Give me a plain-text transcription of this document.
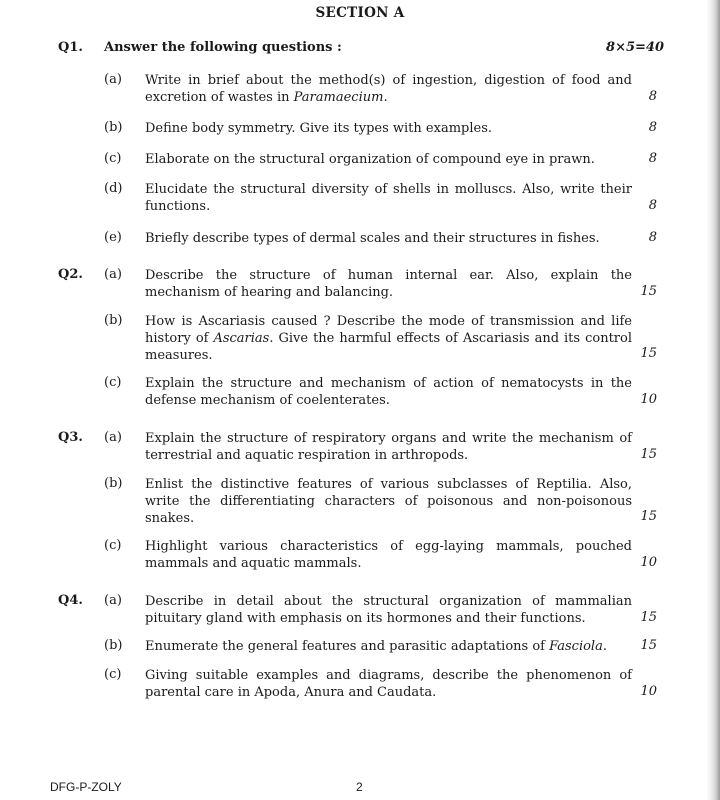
SECTION A
Q1. Answer the following questions :	8×5=40
(a) Write in brief about the method(s) of ingestion, digestion of food and excretion of wastes in Paramaecium.	8
(b) Define body symmetry. Give its types with examples.	8
(c) Elaborate on the structural organization of compound eye in prawn.	8
(d) Elucidate the structural diversity of shells in molluscs. Also, write their functions.	8
(e) Briefly describe types of dermal scales and their structures in fishes.	8
Q2. (a) Describe the structure of human internal ear. Also, explain the mechanism of hearing and balancing.	15
(b) How is Ascariasis caused ? Describe the mode of transmission and life history of Ascarias. Give the harmful effects of Ascariasis and its control measures.	15
(c) Explain the structure and mechanism of action of nematocysts in the defense mechanism of coelenterates.	10
Q3. (a) Explain the structure of respiratory organs and write the mechanism of terrestrial and aquatic respiration in arthropods.	15
(b) Enlist the distinctive features of various subclasses of Reptilia. Also, write the differentiating characters of poisonous and non-poisonous snakes.	15
(c) Highlight various characteristics of egg-laying mammals, pouched mammals and aquatic mammals.	10
Q4. (a) Describe in detail about the structural organization of mammalian pituitary gland with emphasis on its hormones and their functions.	15
(b) Enumerate the general features and parasitic adaptations of Fasciola.	15
(c) Giving suitable examples and diagrams, describe the phenomenon of parental care in Apoda, Anura and Caudata.	10
DFG-P-ZOLY	2
